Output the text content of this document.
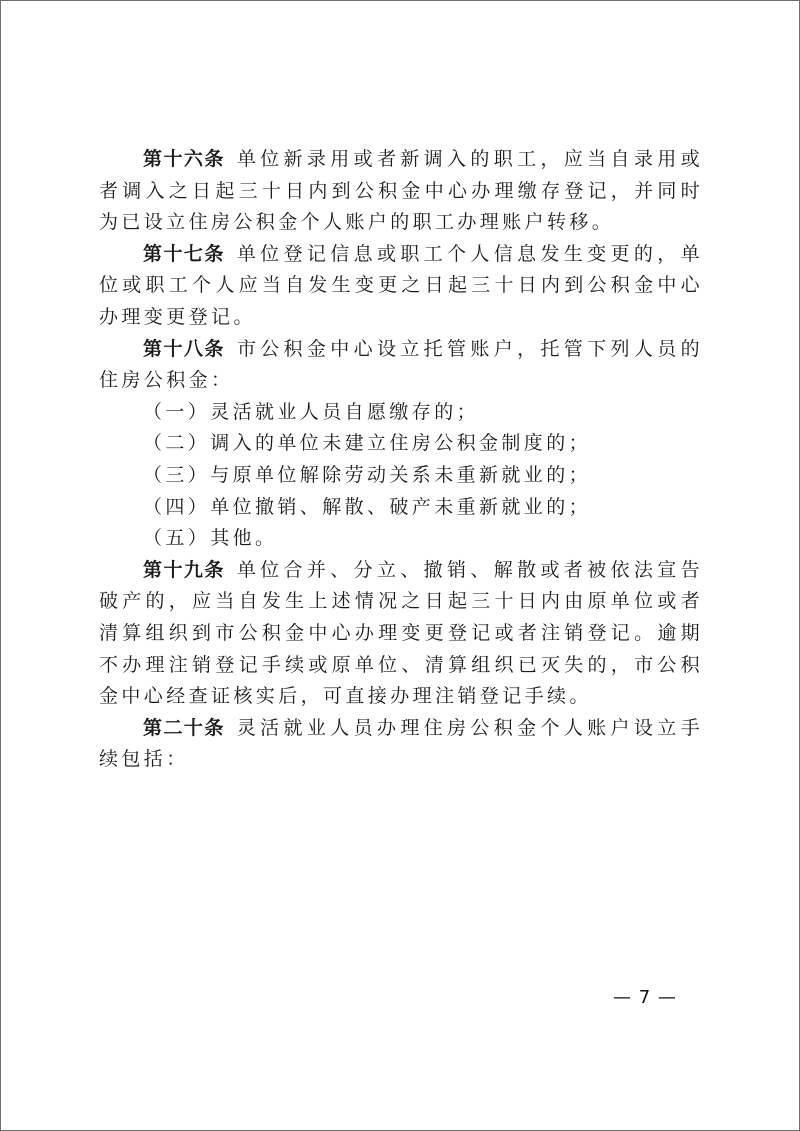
第十六条 单位新录用或者新调入的职工，应当自录用或者调入之日起三十日内到公积金中心办理缴存登记，并同时为已设立住房公积金个人账户的职工办理账户转移。

第十七条 单位登记信息或职工个人信息发生变更的，单位或职工个人应当自发生变更之日起三十日内到公积金中心办理变更登记。

第十八条 市公积金中心设立托管账户，托管下列人员的住房公积金：

（一）灵活就业人员自愿缴存的；

（二）调入的单位未建立住房公积金制度的；

（三）与原单位解除劳动关系未重新就业的；

（四）单位撤销、解散、破产未重新就业的；

（五）其他。

第十九条 单位合并、分立、撤销、解散或者被依法宣告破产的，应当自发生上述情况之日起三十日内由原单位或者清算组织到市公积金中心办理变更登记或者注销登记。逾期不办理注销登记手续或原单位、清算组织已灭失的，市公积金中心经查证核实后，可直接办理注销登记手续。

第二十条 灵活就业人员办理住房公积金个人账户设立手续包括：

— 7 —
